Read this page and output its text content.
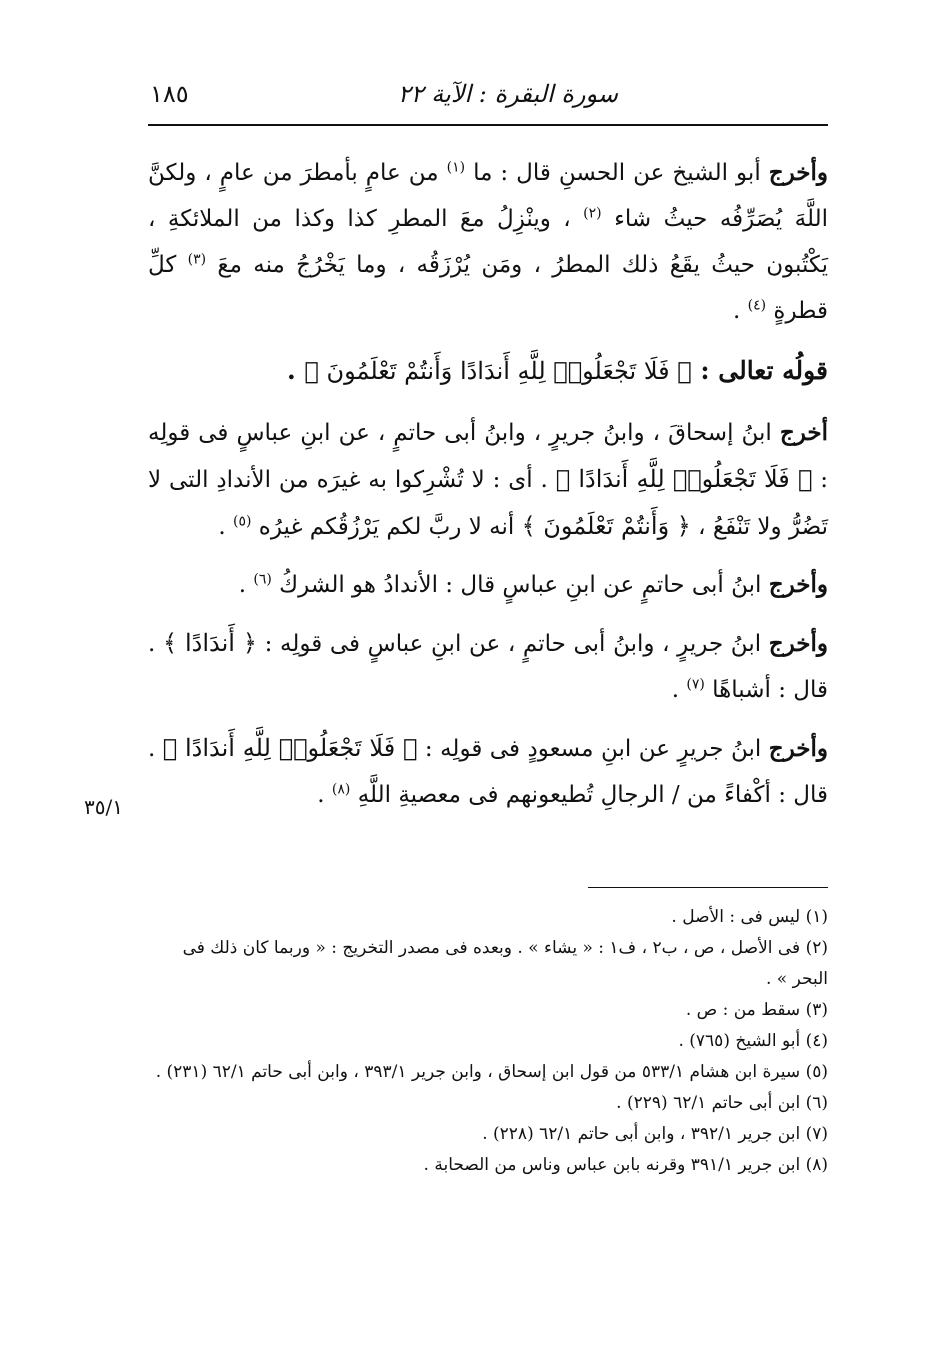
١٨٥	سورة البقرة : الآية ٢٢

وأخرج أبو الشيخ عن الحسنِ قال : ما $^{(١)}$ من عامٍ بأمطرَ من عامٍ ، ولكنَّ اللَّهَ يُصَرِّفُه حيثُ شاء $^{(٢)}$ ، وينْزِلُ معَ المطرِ كذا وكذا من الملائكةِ ، يَكْتُبون حيثُ يقَعُ ذلك المطرُ ، ومَن يُرْزَقُه ، وما يَخْرُجُ منه معَ $^{(٣)}$ كلِّ قطرةٍ $^{(٤)}$ .

قولُه تعالى : ﴿ فَلَا تَجْعَلُوا۟ لِلَّهِ أَندَادًا وَأَنتُمْ تَعْلَمُونَ ﴾ .

أخرج ابنُ إسحاقَ ، وابنُ جريرٍ ، وابنُ أبى حاتمٍ ، عن ابنِ عباسٍ فى قولِه : ﴿ فَلَا تَجْعَلُوا۟ لِلَّهِ أَندَادًا ﴾ . أى : لا تُشْرِكوا به غيرَه من الأندادِ التى لا تَضُرُّ ولا تَنْفَعُ ، ﴿ وَأَنتُمْ تَعْلَمُونَ ﴾ أنه لا ربَّ لكم يَرْزُقُكم غيرُه $^{(٥)}$ .

وأخرج ابنُ أبى حاتمٍ عن ابنِ عباسٍ قال : الأندادُ هو الشركُ $^{(٦)}$ .

وأخرج ابنُ جريرٍ ، وابنُ أبى حاتمٍ ، عن ابنِ عباسٍ فى قولِه : ﴿ أَندَادًا ﴾ . قال : أشباهًا $^{(٧)}$ .

وأخرج ابنُ جريرٍ عن ابنِ مسعودٍ فى قولِه : ﴿ فَلَا تَجْعَلُوا۟ لِلَّهِ أَندَادًا ﴾ . قال : أكْفاءً من / الرجالِ تُطيعونهم فى معصيةِ اللَّهِ $^{(٨)}$ .

٣٥/١

(١) ليس فى : الأصل .

(٢) فى الأصل ، ص ، ب٢ ، ف١ : « يشاء » . وبعده فى مصدر التخريج : « وربما كان ذلك فى البحر » .

(٣) سقط من : ص .

(٤) أبو الشيخ (٧٦٥) .

(٥) سيرة ابن هشام ٥٣٣/١ من قول ابن إسحاق ، وابن جرير ٣٩٣/١ ، وابن أبى حاتم ٦٢/١ (٢٣١) .

(٦) ابن أبى حاتم ٦٢/١ (٢٢٩) .

(٧) ابن جرير ٣٩٢/١ ، وابن أبى حاتم ٦٢/١ (٢٢٨) .

(٨) ابن جرير ٣٩١/١ وقرنه بابن عباس وناس من الصحابة .
